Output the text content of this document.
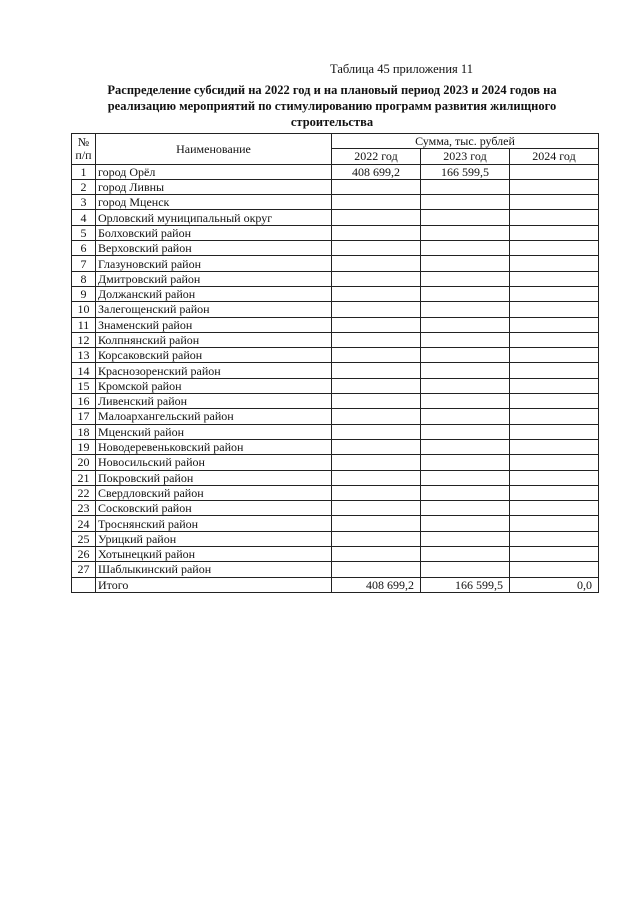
Таблица 45 приложения 11
Распределение субсидий на 2022 год и на плановый период 2023 и 2024 годов на реализацию мероприятий по стимулированию программ развития жилищного строительства
№ п/п	Наименование	Сумма, тыс. рублей		
		2022 год	2023 год	2024 год
1	город Орёл	408 699,2	166 599,5	
2	город Ливны			
3	город Мценск			
4	Орловский муниципальный округ			
5	Болховский район			
6	Верховский район			
7	Глазуновский район			
8	Дмитровский район			
9	Должанский район			
10	Залегощенский район			
11	Знаменский район			
12	Колпнянский район			
13	Корсаковский район			
14	Краснозоренский район			
15	Кромской район			
16	Ливенский район			
17	Малоархангельский район			
18	Мценский район			
19	Новодеревеньковский район			
20	Новосильский район			
21	Покровский район			
22	Свердловский район			
23	Сосковский район			
24	Троснянский район			
25	Урицкий район			
26	Хотынецкий район			
27	Шаблыкинский район			
	Итого	408 699,2	166 599,5	0,0
